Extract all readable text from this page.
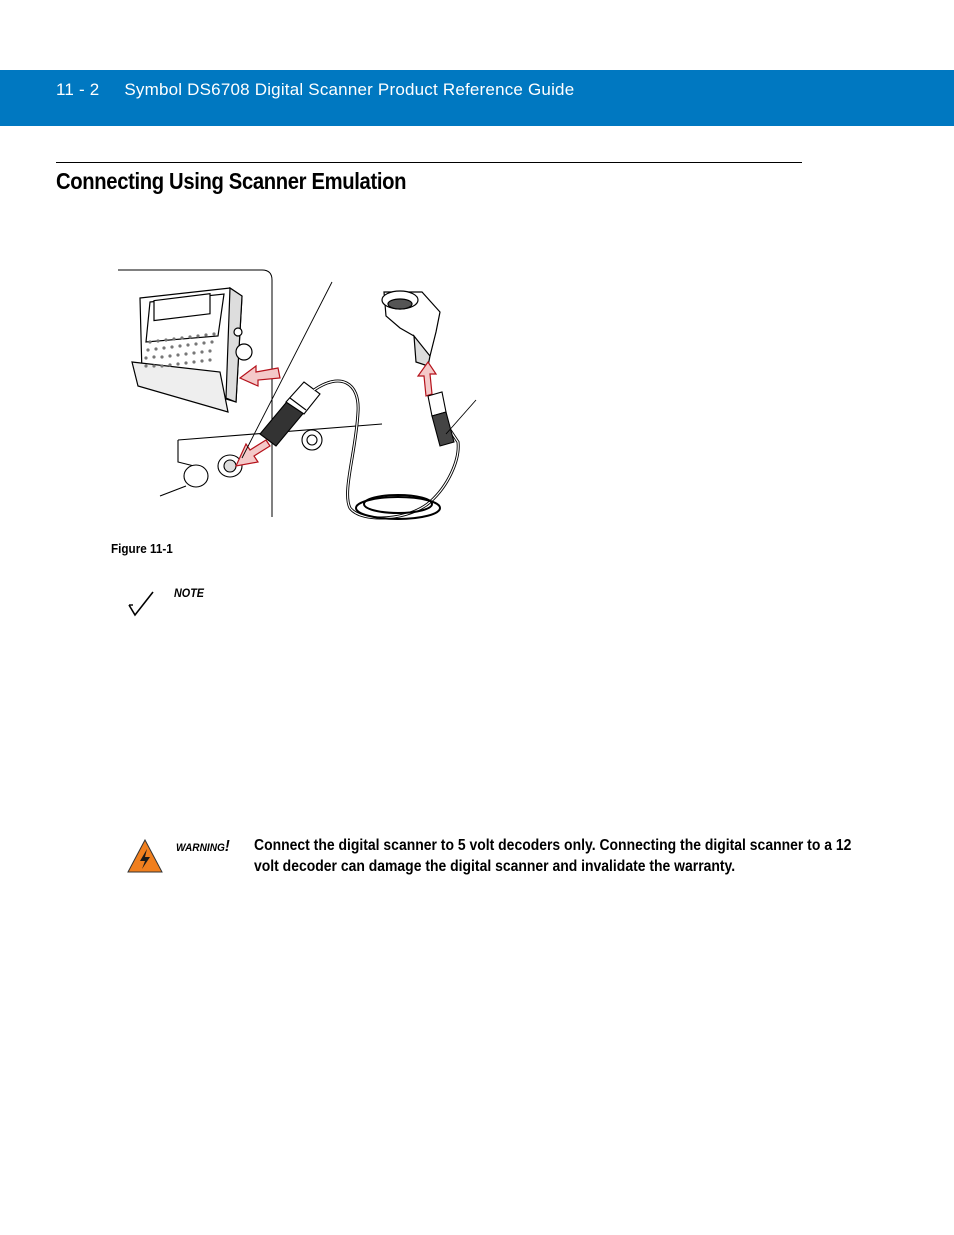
11 - 2 Symbol DS6708 Digital Scanner Product Reference Guide
Connecting Using Scanner Emulation
Figure 11-1
NOTE
WARNING! Connect the digital scanner to 5 volt decoders only. Connecting the digital scanner to a 12 volt decoder can damage the digital scanner and invalidate the warranty.
